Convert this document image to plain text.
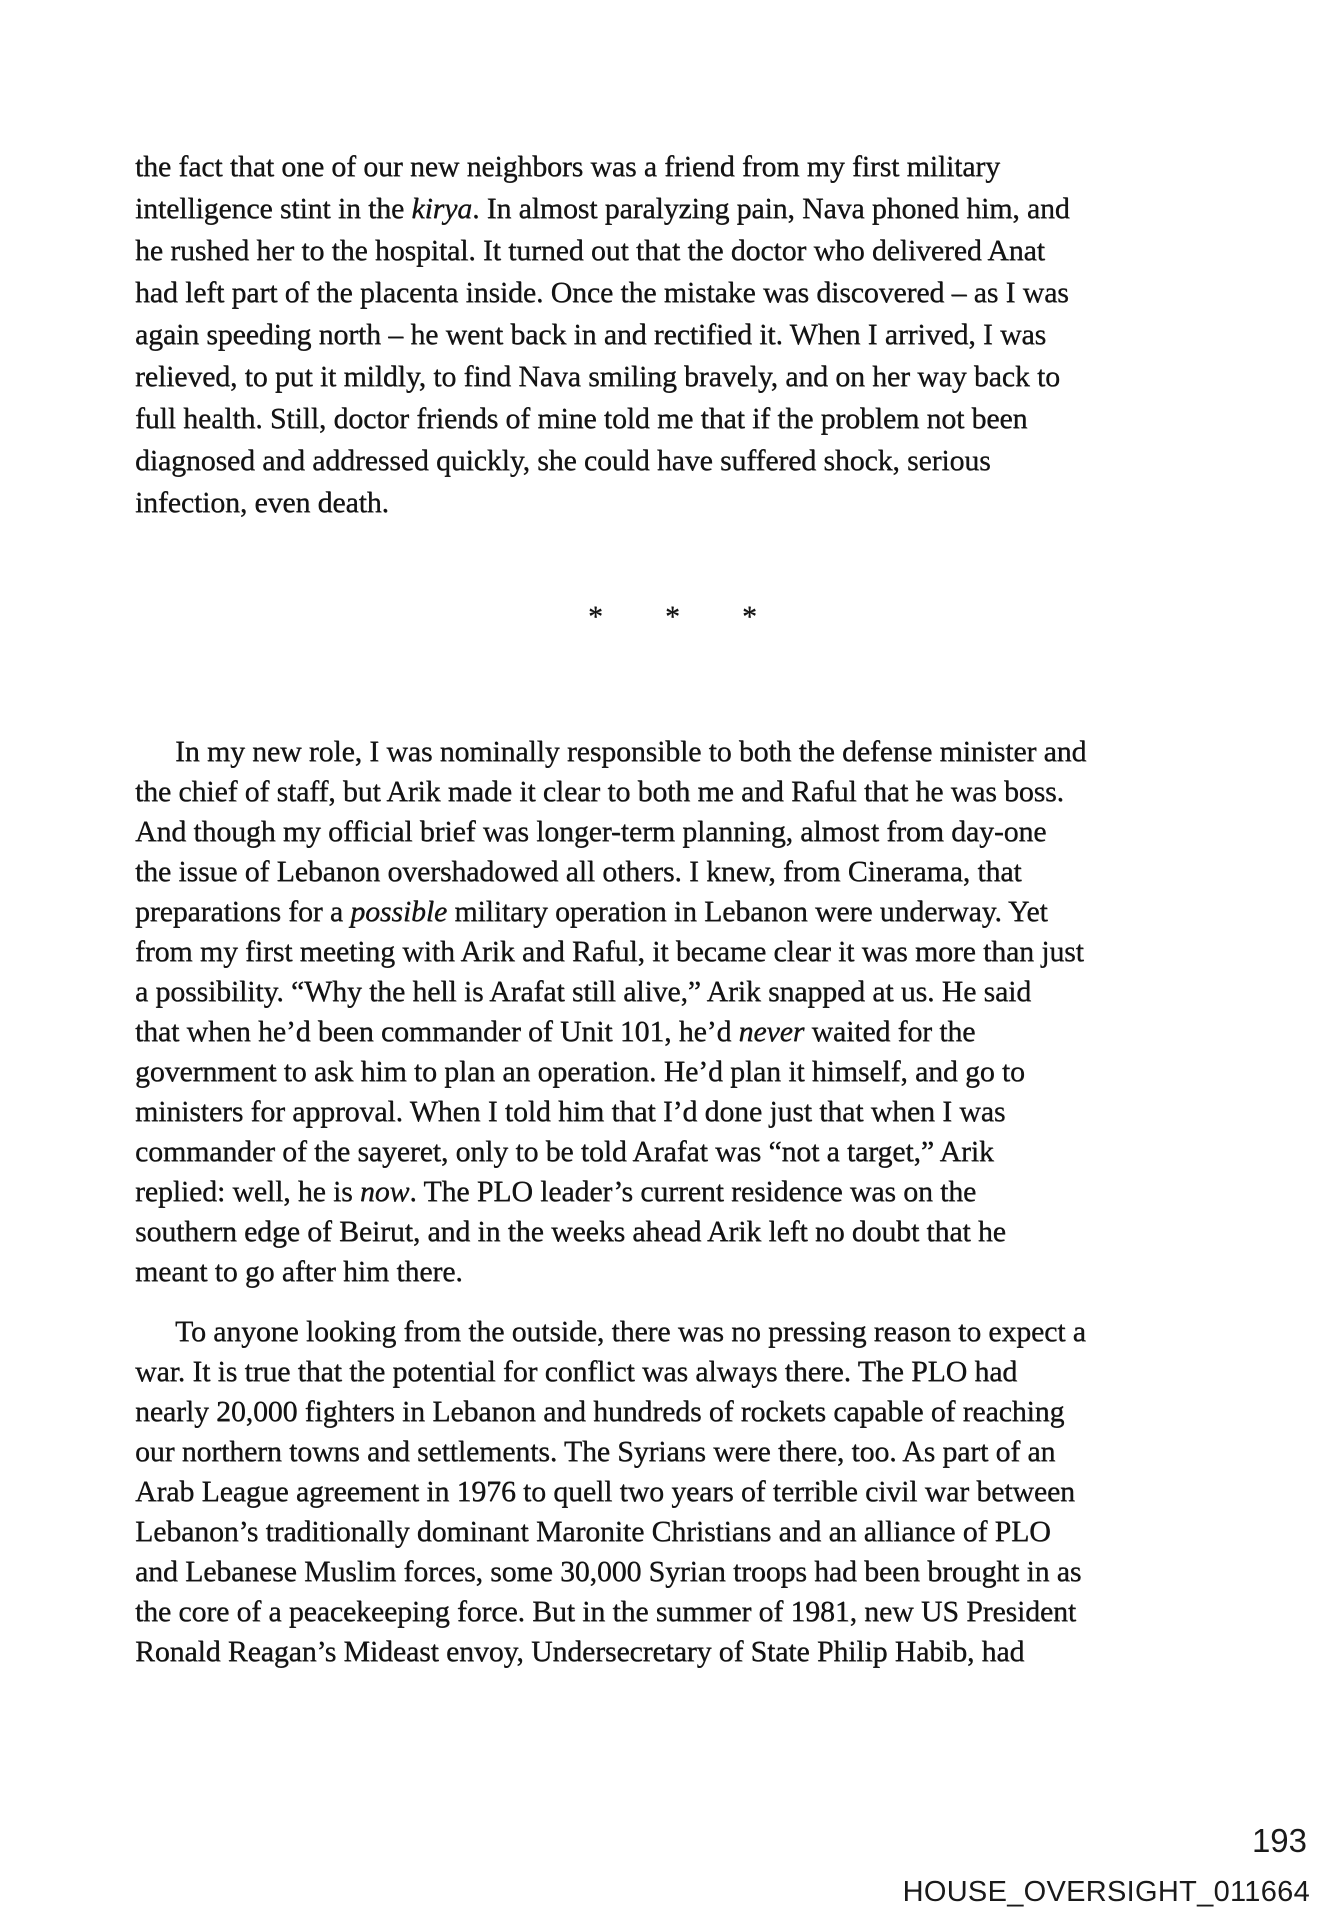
the fact that one of our new neighbors was a friend from my first military
intelligence stint in the kirya. In almost paralyzing pain, Nava phoned him, and
he rushed her to the hospital. It turned out that the doctor who delivered Anat
had left part of the placenta inside. Once the mistake was discovered – as I was
again speeding north – he went back in and rectified it. When I arrived, I was
relieved, to put it mildly, to find Nava smiling bravely, and on her way back to
full health. Still, doctor friends of mine told me that if the problem not been
diagnosed and addressed quickly, she could have suffered shock, serious
infection, even death.
* * *
In my new role, I was nominally responsible to both the defense minister and
the chief of staff, but Arik made it clear to both me and Raful that he was boss.
And though my official brief was longer-term planning, almost from day-one
the issue of Lebanon overshadowed all others. I knew, from Cinerama, that
preparations for a possible military operation in Lebanon were underway. Yet
from my first meeting with Arik and Raful, it became clear it was more than just
a possibility. “Why the hell is Arafat still alive,” Arik snapped at us. He said
that when he’d been commander of Unit 101, he’d never waited for the
government to ask him to plan an operation. He’d plan it himself, and go to
ministers for approval. When I told him that I’d done just that when I was
commander of the sayeret, only to be told Arafat was “not a target,” Arik
replied: well, he is now. The PLO leader’s current residence was on the
southern edge of Beirut, and in the weeks ahead Arik left no doubt that he
meant to go after him there.
To anyone looking from the outside, there was no pressing reason to expect a
war. It is true that the potential for conflict was always there. The PLO had
nearly 20,000 fighters in Lebanon and hundreds of rockets capable of reaching
our northern towns and settlements. The Syrians were there, too. As part of an
Arab League agreement in 1976 to quell two years of terrible civil war between
Lebanon’s traditionally dominant Maronite Christians and an alliance of PLO
and Lebanese Muslim forces, some 30,000 Syrian troops had been brought in as
the core of a peacekeeping force. But in the summer of 1981, new US President
Ronald Reagan’s Mideast envoy, Undersecretary of State Philip Habib, had
193
HOUSE_OVERSIGHT_011664
